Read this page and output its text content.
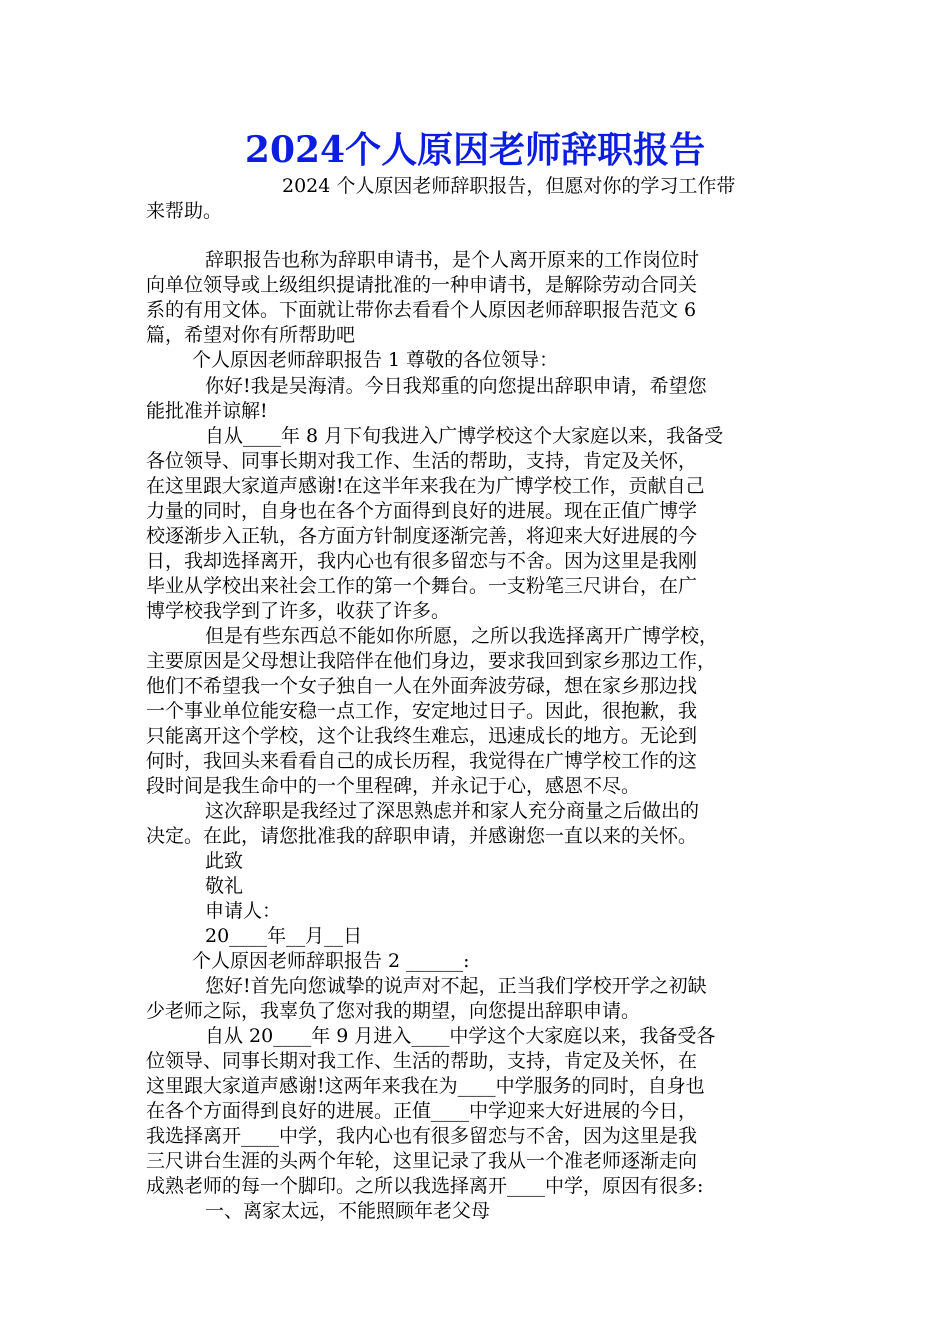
2024个人原因老师辞职报告
2024 个人原因老师辞职报告，但愿对你的学习工作带
来帮助。
辞职报告也称为辞职申请书，是个人离开原来的工作岗位时
向单位领导或上级组织提请批准的一种申请书，是解除劳动合同关
系的有用文体。下面就让带你去看看个人原因老师辞职报告范文 6
篇，希望对你有所帮助吧
个人原因老师辞职报告 1 尊敬的各位领导：
你好!我是吴海清。今日我郑重的向您提出辞职申请，希望您
能批准并谅解!
自从____年 8 月下旬我进入广博学校这个大家庭以来，我备受
各位领导、同事长期对我工作、生活的帮助，支持，肯定及关怀，
在这里跟大家道声感谢!在这半年来我在为广博学校工作，贡献自己
力量的同时，自身也在各个方面得到良好的进展。现在正值广博学
校逐渐步入正轨，各方面方针制度逐渐完善，将迎来大好进展的今
日，我却选择离开，我内心也有很多留恋与不舍。因为这里是我刚
毕业从学校出来社会工作的第一个舞台。一支粉笔三尺讲台，在广
博学校我学到了许多，收获了许多。
但是有些东西总不能如你所愿，之所以我选择离开广博学校，
主要原因是父母想让我陪伴在他们身边，要求我回到家乡那边工作，
他们不希望我一个女子独自一人在外面奔波劳碌，想在家乡那边找
一个事业单位能安稳一点工作，安定地过日子。因此，很抱歉，我
只能离开这个学校，这个让我终生难忘，迅速成长的地方。无论到
何时，我回头来看看自己的成长历程，我觉得在广博学校工作的这
段时间是我生命中的一个里程碑，并永记于心，感恩不尽。
这次辞职是我经过了深思熟虑并和家人充分商量之后做出的
决定。在此，请您批准我的辞职申请，并感谢您一直以来的关怀。
此致
敬礼
申请人：
20____年__月__日
个人原因老师辞职报告 2 ______:
您好!首先向您诚挚的说声对不起，正当我们学校开学之初缺
少老师之际，我辜负了您对我的期望，向您提出辞职申请。
自从 20____年 9 月进入____中学这个大家庭以来，我备受各
位领导、同事长期对我工作、生活的帮助，支持，肯定及关怀，在
这里跟大家道声感谢!这两年来我在为____中学服务的同时，自身也
在各个方面得到良好的进展。正值____中学迎来大好进展的今日，
我选择离开____中学，我内心也有很多留恋与不舍，因为这里是我
三尺讲台生涯的头两个年轮，这里记录了我从一个准老师逐渐走向
成熟老师的每一个脚印。之所以我选择离开____中学，原因有很多:
一、离家太远，不能照顾年老父母
